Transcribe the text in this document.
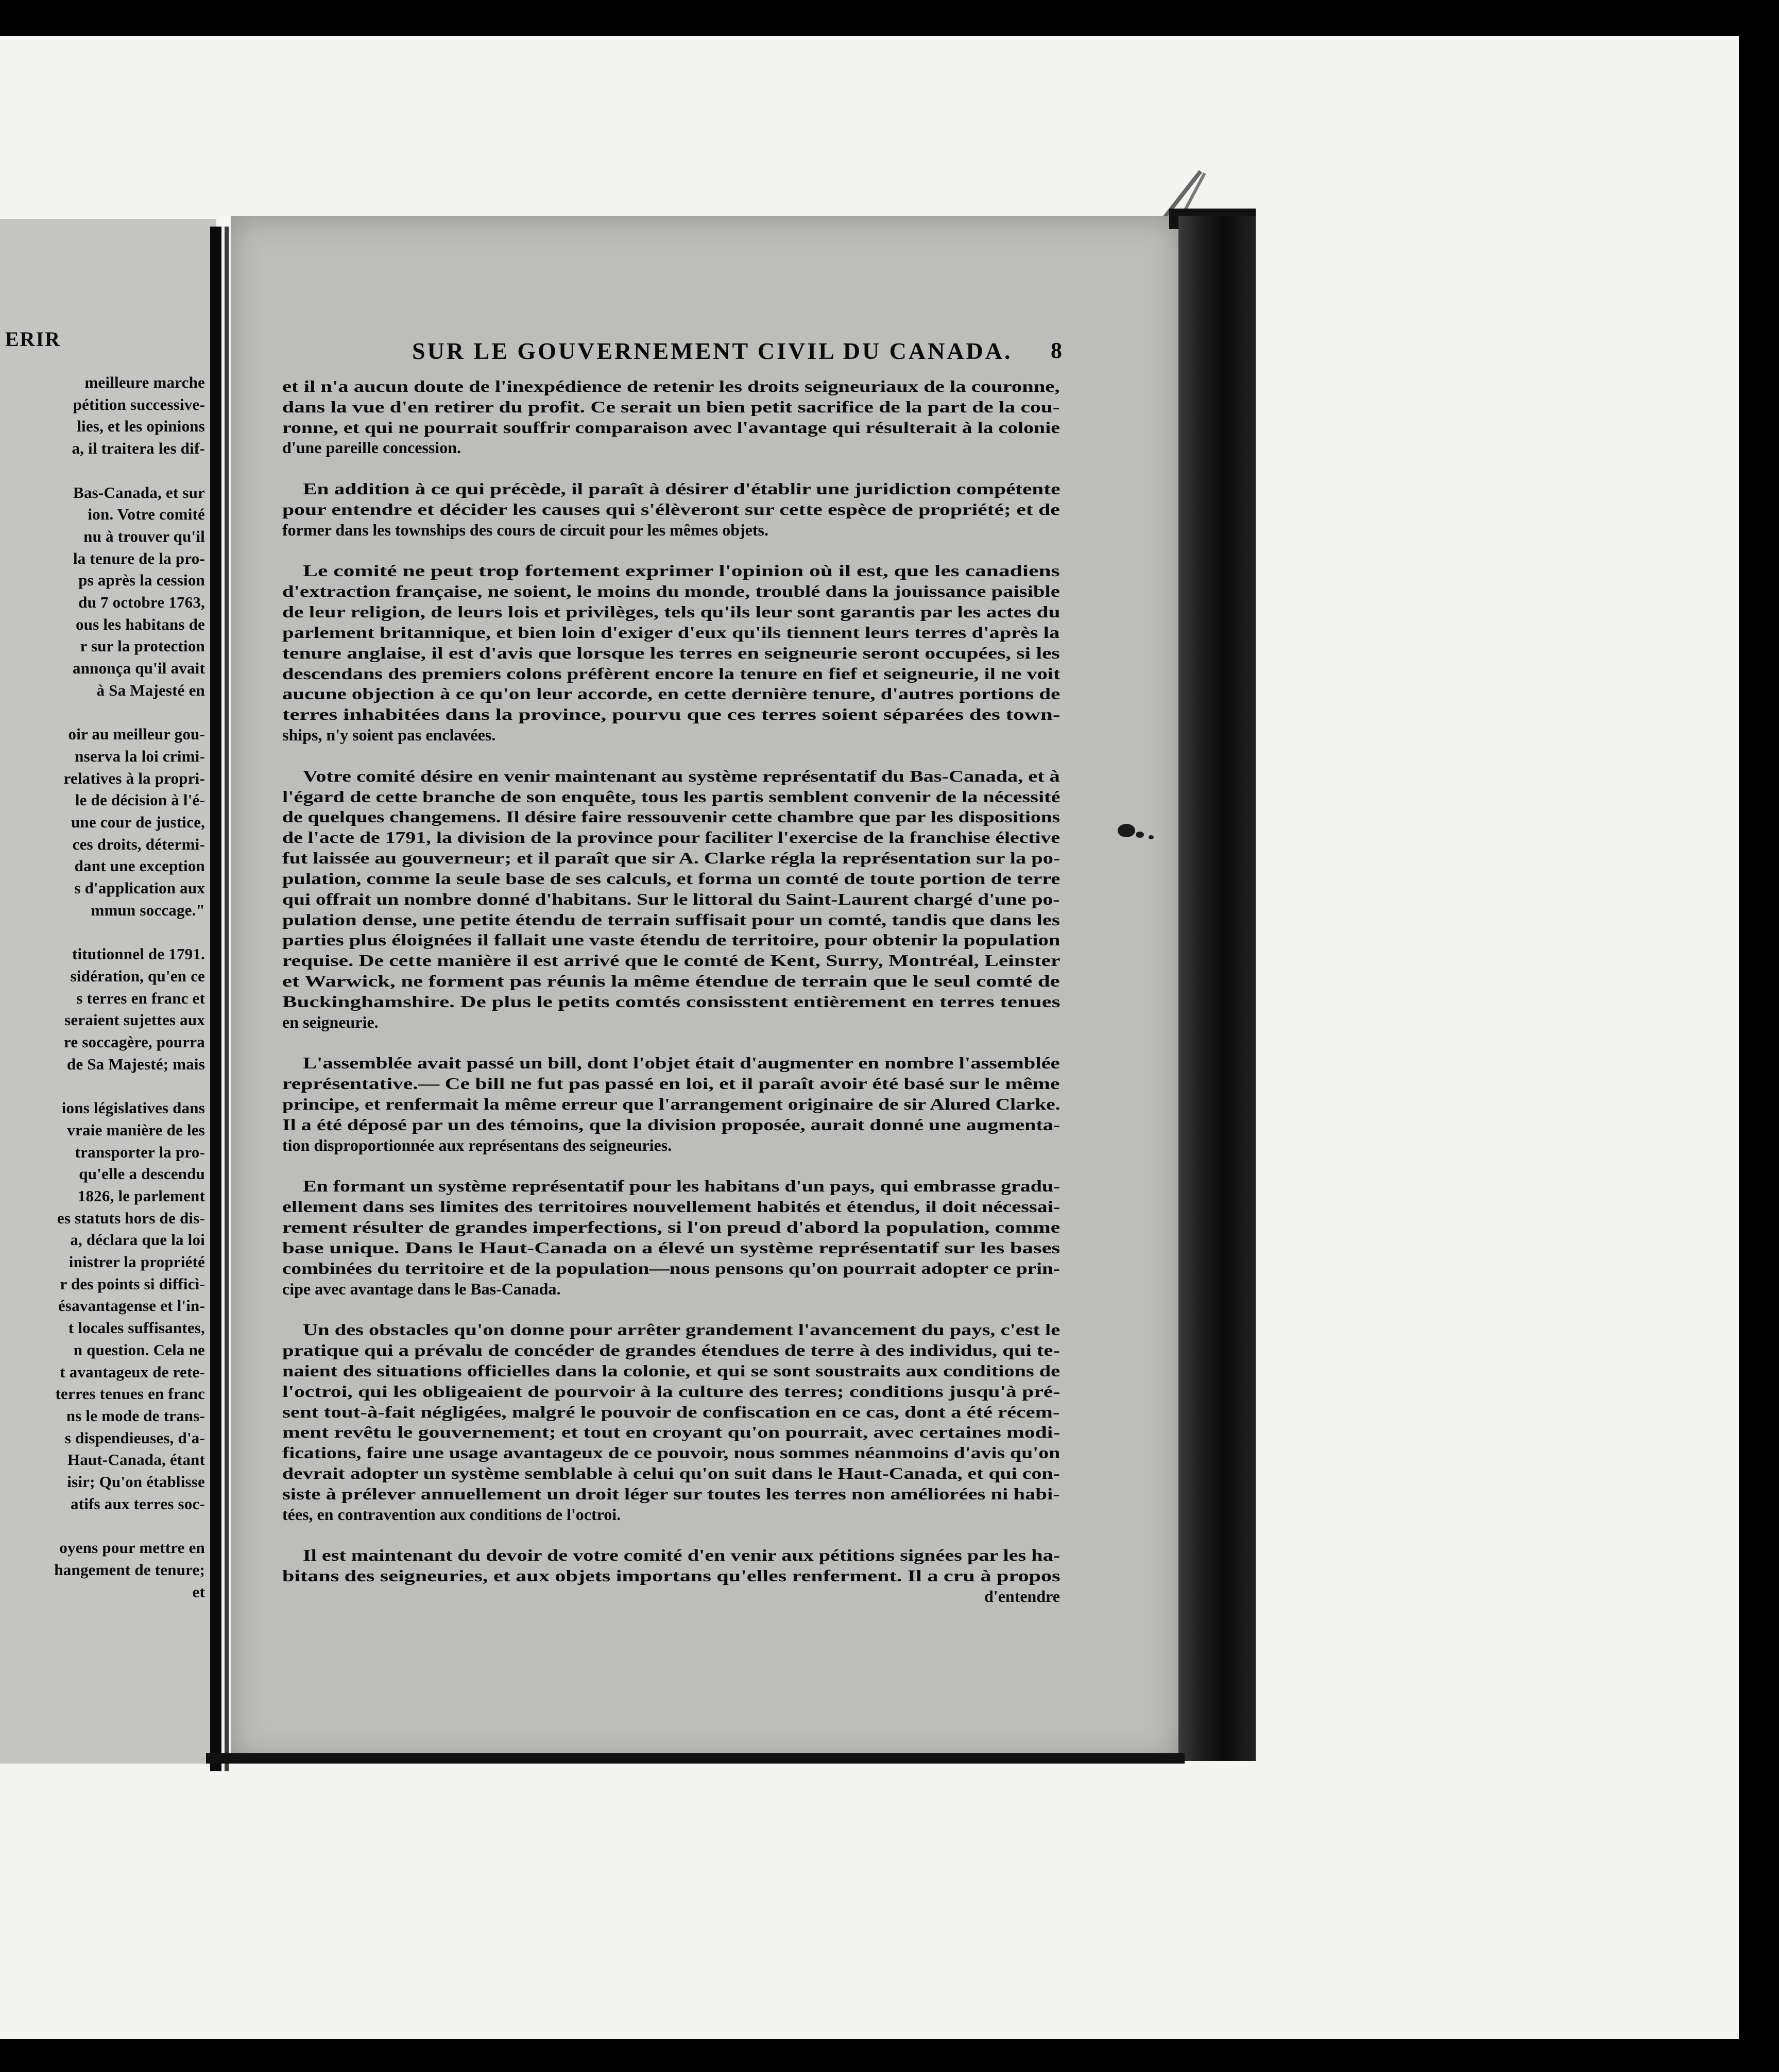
ERIR
meilleure marche
pétition successive-
lies, et les opinions
a, il traitera les dif-
Bas-Canada, et sur
ion. Votre comité
nu à trouver qu'il
la tenure de la pro-
ps après la cession
du 7 octobre 1763,
ous les habitans de
r sur la protection
annonça qu'il avait
à Sa Majesté en
oir au meilleur gou-
nserva la loi crimi-
relatives à la propri-
le de décision à l'é-
une cour de justice,
ces droits, détermi-
dant une exception
s d'application aux
mmun soccage."
titutionnel de 1791.
sidération, qu'en ce
s terres en franc et
seraient sujettes aux
re soccagère, pourra
de Sa Majesté; mais
ions législatives dans
vraie manière de les
transporter la pro-
qu'elle a descendu
1826, le parlement
es statuts hors de dis-
a, déclara que la loi
inistrer la propriété
r des points si difficì-
ésavantagense et l'in-
t locales suffisantes,
n question. Cela ne
t avantageux de rete-
terres tenues en franc
ns le mode de trans-
s dispendieuses, d'a-
Haut-Canada, étant
isir; Qu'on établisse
atifs aux terres soc-
oyens pour mettre en
hangement de tenure;
et
SUR LE GOUVERNEMENT CIVIL DU CANADA. 8
et il n'a aucun doute de l'inexpédience de retenir les droits seigneuriaux de la couronne,
dans la vue d'en retirer du profit. Ce serait un bien petit sacrifice de la part de la cou-
ronne, et qui ne pourrait souffrir comparaison avec l'avantage qui résulterait à la colonie
d'une pareille concession.
En addition à ce qui précède, il paraît à désirer d'établir une juridiction compétente
pour entendre et décider les causes qui s'élèveront sur cette espèce de propriété; et de
former dans les townships des cours de circuit pour les mêmes objets.
Le comité ne peut trop fortement exprimer l'opinion où il est, que les canadiens
d'extraction française, ne soient, le moins du monde, troublé dans la jouissance paisible
de leur religion, de leurs lois et privilèges, tels qu'ils leur sont garantis par les actes du
parlement britannique, et bien loin d'exiger d'eux qu'ils tiennent leurs terres d'après la
tenure anglaise, il est d'avis que lorsque les terres en seigneurie seront occupées, si les
descendans des premiers colons préfèrent encore la tenure en fief et seigneurie, il ne voit
aucune objection à ce qu'on leur accorde, en cette dernière tenure, d'autres portions de
terres inhabitées dans la province, pourvu que ces terres soient séparées des town-
ships, n'y soient pas enclavées.
Votre comité désire en venir maintenant au système représentatif du Bas-Canada, et à
l'égard de cette branche de son enquête, tous les partis semblent convenir de la nécessité
de quelques changemens. Il désire faire ressouvenir cette chambre que par les dispositions
de l'acte de 1791, la division de la province pour faciliter l'exercise de la franchise élective
fut laissée au gouverneur; et il paraît que sir A. Clarke régla la représentation sur la po-
pulation, comme la seule base de ses calculs, et forma un comté de toute portion de terre
qui offrait un nombre donné d'habitans. Sur le littoral du Saint-Laurent chargé d'une po-
pulation dense, une petite étendu de terrain suffisait pour un comté, tandis que dans les
parties plus éloignées il fallait une vaste étendu de territoire, pour obtenir la population
requise. De cette manière il est arrivé que le comté de Kent, Surry, Montréal, Leinster
et Warwick, ne forment pas réunis la même étendue de terrain que le seul comté de
Buckinghamshire. De plus le petits comtés consisstent entièrement en terres tenues
en seigneurie.
L'assemblée avait passé un bill, dont l'objet était d'augmenter en nombre l'assemblée
représentative.— Ce bill ne fut pas passé en loi, et il paraît avoir été basé sur le même
principe, et renfermait la même erreur que l'arrangement originaire de sir Alured Clarke.
Il a été déposé par un des témoins, que la division proposée, aurait donné une augmenta-
tion disproportionnée aux représentans des seigneuries.
En formant un système représentatif pour les habitans d'un pays, qui embrasse gradu-
ellement dans ses limites des territoires nouvellement habités et étendus, il doit nécessai-
rement résulter de grandes imperfections, si l'on preud d'abord la population, comme
base unique. Dans le Haut-Canada on a élevé un système représentatif sur les bases
combinées du territoire et de la population—nous pensons qu'on pourrait adopter ce prin-
cipe avec avantage dans le Bas-Canada.
Un des obstacles qu'on donne pour arrêter grandement l'avancement du pays, c'est le
pratique qui a prévalu de concéder de grandes étendues de terre à des individus, qui te-
naient des situations officielles dans la colonie, et qui se sont soustraits aux conditions de
l'octroi, qui les obligeaient de pourvoir à la culture des terres; conditions jusqu'à pré-
sent tout-à-fait négligées, malgré le pouvoir de confiscation en ce cas, dont a été récem-
ment revêtu le gouvernement; et tout en croyant qu'on pourrait, avec certaines modi-
fications, faire une usage avantageux de ce pouvoir, nous sommes néanmoins d'avis qu'on
devrait adopter un système semblable à celui qu'on suit dans le Haut-Canada, et qui con-
siste à prélever annuellement un droit léger sur toutes les terres non améliorées ni habi-
tées, en contravention aux conditions de l'octroi.
Il est maintenant du devoir de votre comité d'en venir aux pétitions signées par les ha-
bitans des seigneuries, et aux objets importans qu'elles renferment. Il a cru à propos
d'entendre
